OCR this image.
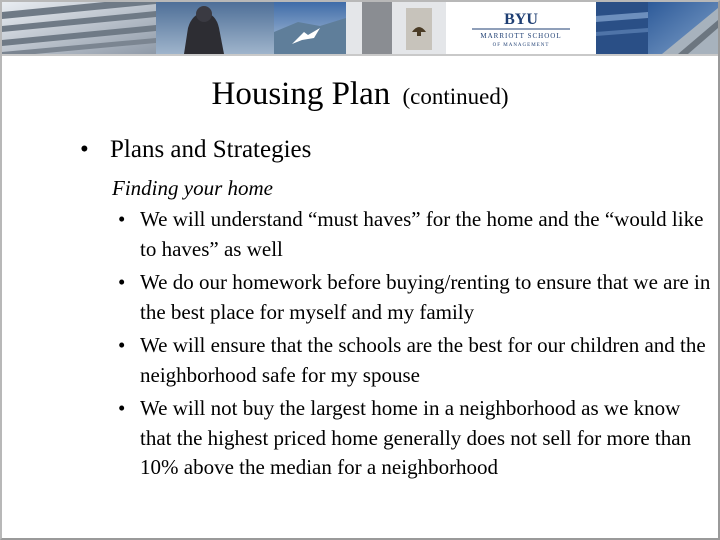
BYU
MARRIOTT SCHOOL
OF MANAGEMENT
Housing Plan (continued)
• Plans and Strategies
Finding your home
• We will understand “must haves” for the home and the “would like to haves” as well
• We do our homework before buying/renting to ensure that we are in the best place for myself and my family
• We will ensure that the schools are the best for our children and the neighborhood safe for my spouse
• We will not buy the largest home in a neighborhood as we know that the highest priced home generally does not sell for more than 10% above the median for a neighborhood
